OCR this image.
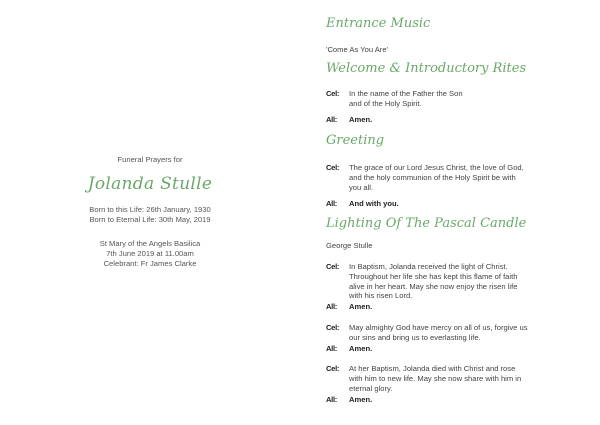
Funeral Prayers for
Jolanda Stulle
Born to this Life: 26th January, 1930
Born to Eternal Life: 30th May, 2019
St Mary of the Angels Basilica
7th June 2019 at 11.00am
Celebrant: Fr James Clarke
Entrance Music
'Come As You Are'
Welcome & Introductory Rites
Cel: In the name of the Father the Son
and of the Holy Spirit.
All: Amen.
Greeting
Cel: The grace of our Lord Jesus Christ, the love of God,
and the holy communion of the Holy Spirit be with
you all.
All: And with you.
Lighting Of The Pascal Candle
George Stulle
Cel: In Baptism, Jolanda received the light of Christ.
Throughout her life she has kept this flame of faith
alive in her heart. May she now enjoy the risen life
with his risen Lord.
All: Amen.
Cel: May almighty God have mercy on all of us, forgive us
our sins and bring us to everlasting life.
All: Amen.
Cel: At her Baptism, Jolanda died with Christ and rose
with him to new life. May she now share with him in
eternal glory.
All: Amen.
